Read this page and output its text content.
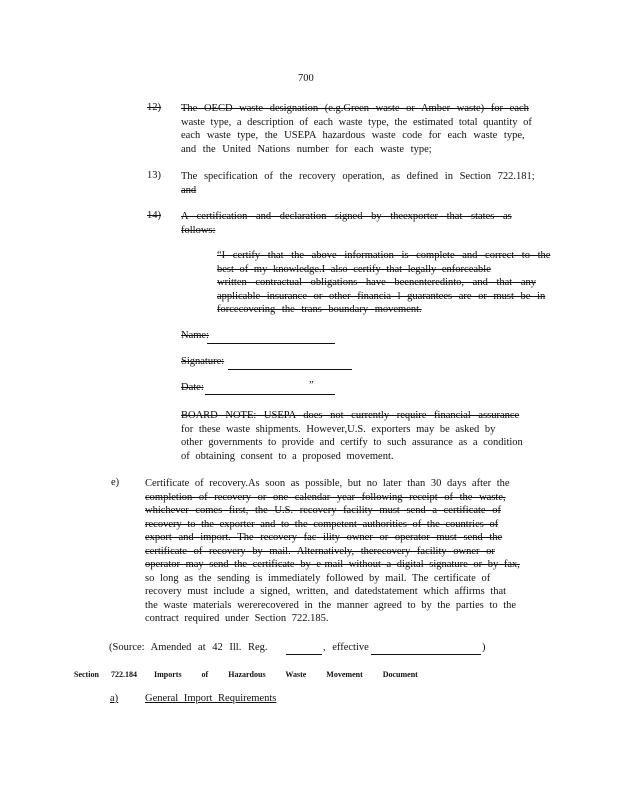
700
12) The OECD waste designation (e.g.Green waste or Amber waste) for each
waste type, a description of each waste type, the estimated total quantity of
each waste type, the USEPA hazardous waste code for each waste type,
and the United Nations number for each waste type;
13) The specification of the recovery operation, as defined in Section 722.181;
and
14) A certification and declaration signed by theexporter that states as
follows:
“I certify that the above information is complete and correct to the
best of my knowledge.I also certify that legally enforceable
written contractual obligations have beenenteredinto, and that any
applicable insurance or other financia l guarantees are or must be in
forcecovering the trans boundary movement.
Name:
Signature:
Date:	”
BOARD NOTE: USEPA does not currently require financial assurance
for these waste shipments. However,U.S. exporters may be asked by
other governments to provide and certify to such assurance as a condition
of obtaining consent to a proposed movement.
e) Certificate of recovery.As soon as possible, but no later than 30 days after the
completion of recovery or one calendar year following receipt of the waste,
whichever comes first, the U.S. recovery facility must send a certificate of
recovery to the exporter and to the competent authorities of the countries of
export and import. The recovery fac ility owner or operator must send the
certificate of recovery by mail. Alternatively, therecovery facility owner or
operator may send the certificate by e-mail without a digital signature or by fax,
so long as the sending is immediately followed by mail. The certificate of
recovery must include a signed, written, and datedstatement which affirms that
the waste materials wererecovered in the manner agreed to by the parties to the
contract required under Section 722.185.
(Source: Amended at 42 Ill. Reg.	, effective	)
Section 722.184 Imports of Hazardous Waste Movement Document
a)	General Import Requirements
